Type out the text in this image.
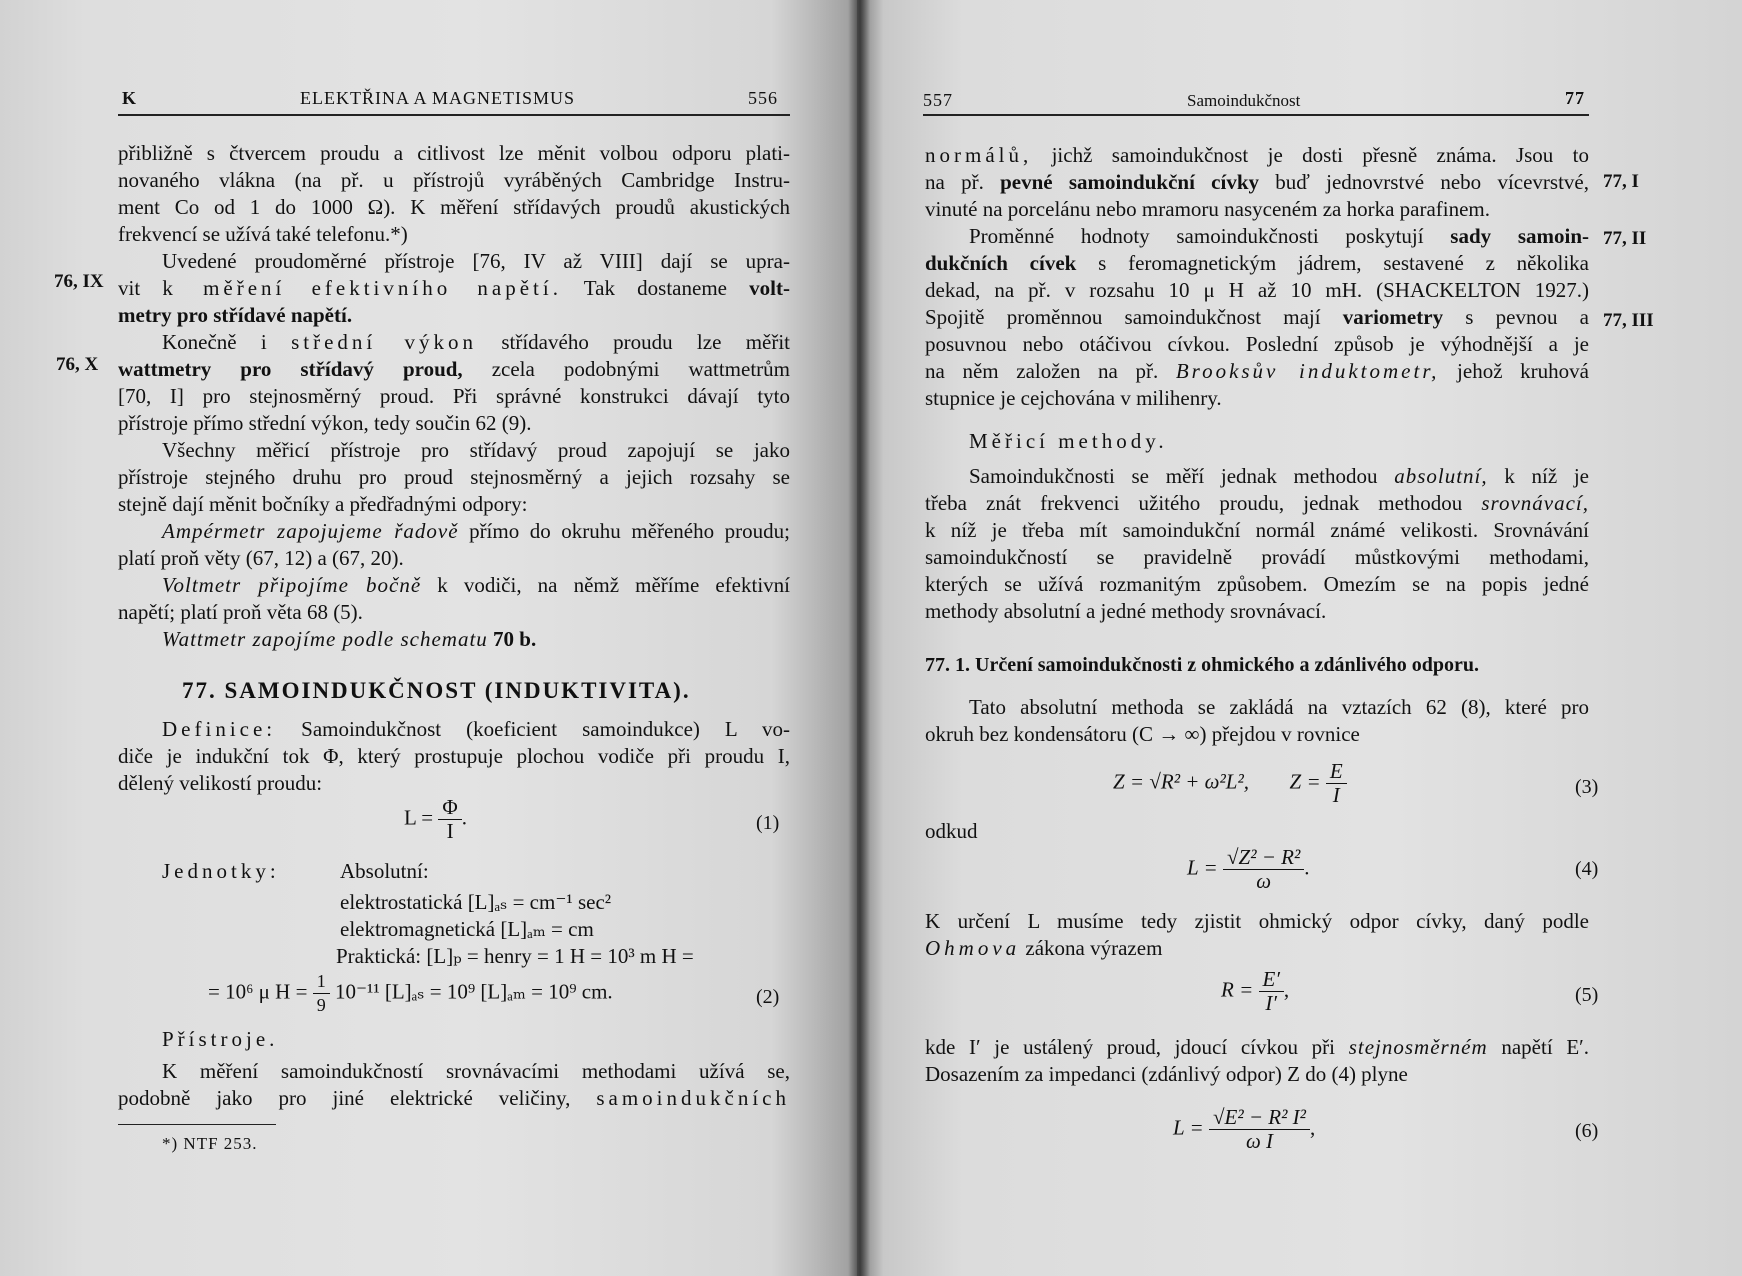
K	ELEKTŘINA A MAGNETISMUS	556
přibližně s čtvercem proudu a citlivost lze měnit volbou odporu plati-
novaného vlákna (na př. u přístrojů vyráběných Cambridge Instru-
ment Co od 1 do 1000 Ω). K měření střídavých proudů akustických
frekvencí se užívá také telefonu.*)
Uvedené proudoměrné přístroje [76, IV až VIII] dají se upra-
vit k měření efektivního napětí. Tak dostaneme volt-
metry pro střídavé napětí.
Konečně i střední výkon střídavého proudu lze měřit
wattmetry pro střídavý proud, zcela podobnými wattmetrům
[70, I] pro stejnosměrný proud. Při správné konstrukci dávají tyto
přístroje přímo střední výkon, tedy součin 62 (9).
Všechny měřicí přístroje pro střídavý proud zapojují se jako
přístroje stejného druhu pro proud stejnosměrný a jejich rozsahy se
stejně dají měnit bočníky a předřadnými odpory:
Ampérmetr zapojujeme řadově přímo do okruhu měřeného proudu;
platí proň věty (67, 12) a (67, 20).
Voltmetr připojíme bočně k vodiči, na němž měříme efektivní
napětí; platí proň věta 68 (5).
Wattmetr zapojíme podle schematu 70 b.
77. SAMOINDUKČNOST (INDUKTIVITA).
Definice: Samoindukčnost (koeficient samoindukce) L vo-
diče je indukční tok Φ, který prostupuje plochou vodiče při proudu I,
dělený velikostí proudu:
$L = \frac{\Phi}{I}$ .	(1)
Jednotky:	Absolutní:
elektrostatická [L]ₐₛ = cm⁻¹ sec²
elektromagnetická [L]ₐₘ = cm
Praktická: [L]ₚ = henry = 1 H = 10³ m H =
= 10⁶ μ $H = \frac{1}{9} 10^{-11}$ [L]ₐₛ = 10⁹ [L]ₐₘ = 10⁹ cm.	(2)
Přístroje.
K měření samoindukčností srovnávacími methodami užívá se,
podobně jako pro jiné elektrické veličiny, samoindukčních
*) NTF 253.
76, IX
76, X
557	Samoindukčnost	77
normálů, jichž samoindukčnost je dosti přesně známa. Jsou to
na př. pevné samoindukční cívky buď jednovrstvé nebo vícevrstvé,
vinuté na porcelánu nebo mramoru nasyceném za horka parafinem.
Proměnné hodnoty samoindukčnosti poskytují sady samoin-
dukčních cívek s feromagnetickým jádrem, sestavené z několika
dekad, na př. v rozsahu 10 μ H až 10 mH. (SHACKELTON 1927.)
Spojitě proměnnou samoindukčnost mají variometry s pevnou a
posuvnou nebo otáčivou cívkou. Poslední způsob je výhodnější a je
na něm založen na př. Brooksův induktometr, jehož kruhová
stupnice je cejchována v milihenry.
Měřicí methody.
Samoindukčnosti se měří jednak methodou absolutní, k níž je
třeba znát frekvenci užitého proudu, jednak methodou srovnávací,
k níž je třeba mít samoindukční normál známé velikosti. Srovnávání
samoindukčností se pravidelně provádí můstkovými methodami,
kterých se užívá rozmanitým způsobem. Omezím se na popis jedné
methody absolutní a jedné methody srovnávací.
77. 1. Určení samoindukčnosti z ohmického a zdánlivého odporu.
Tato absolutní methoda se zakládá na vztazích 62 (8), které pro
okruh bez kondensátoru (C → ∞) přejdou v rovnice
Z = √R² + ω²L², $Z = \frac{E}{I}$	(3)
odkud
$L = \frac{\text{√Z² − R²}}{\omega}$ .	(4)
K určení L musíme tedy zjistit ohmický odpor cívky, daný podle
Ohmova zákona výrazem
$R = \frac{E'}{I'}$ ,	(5)
kde I′ je ustálený proud, jdoucí cívkou při stejnosměrném napětí E′.
Dosazením za impedanci (zdánlivý odpor) Z do (4) plyne
$L = \frac{\text{√E² − R² I²}}{\text{ω I}}$ ,	(6)
77, I
77, II
77, III
